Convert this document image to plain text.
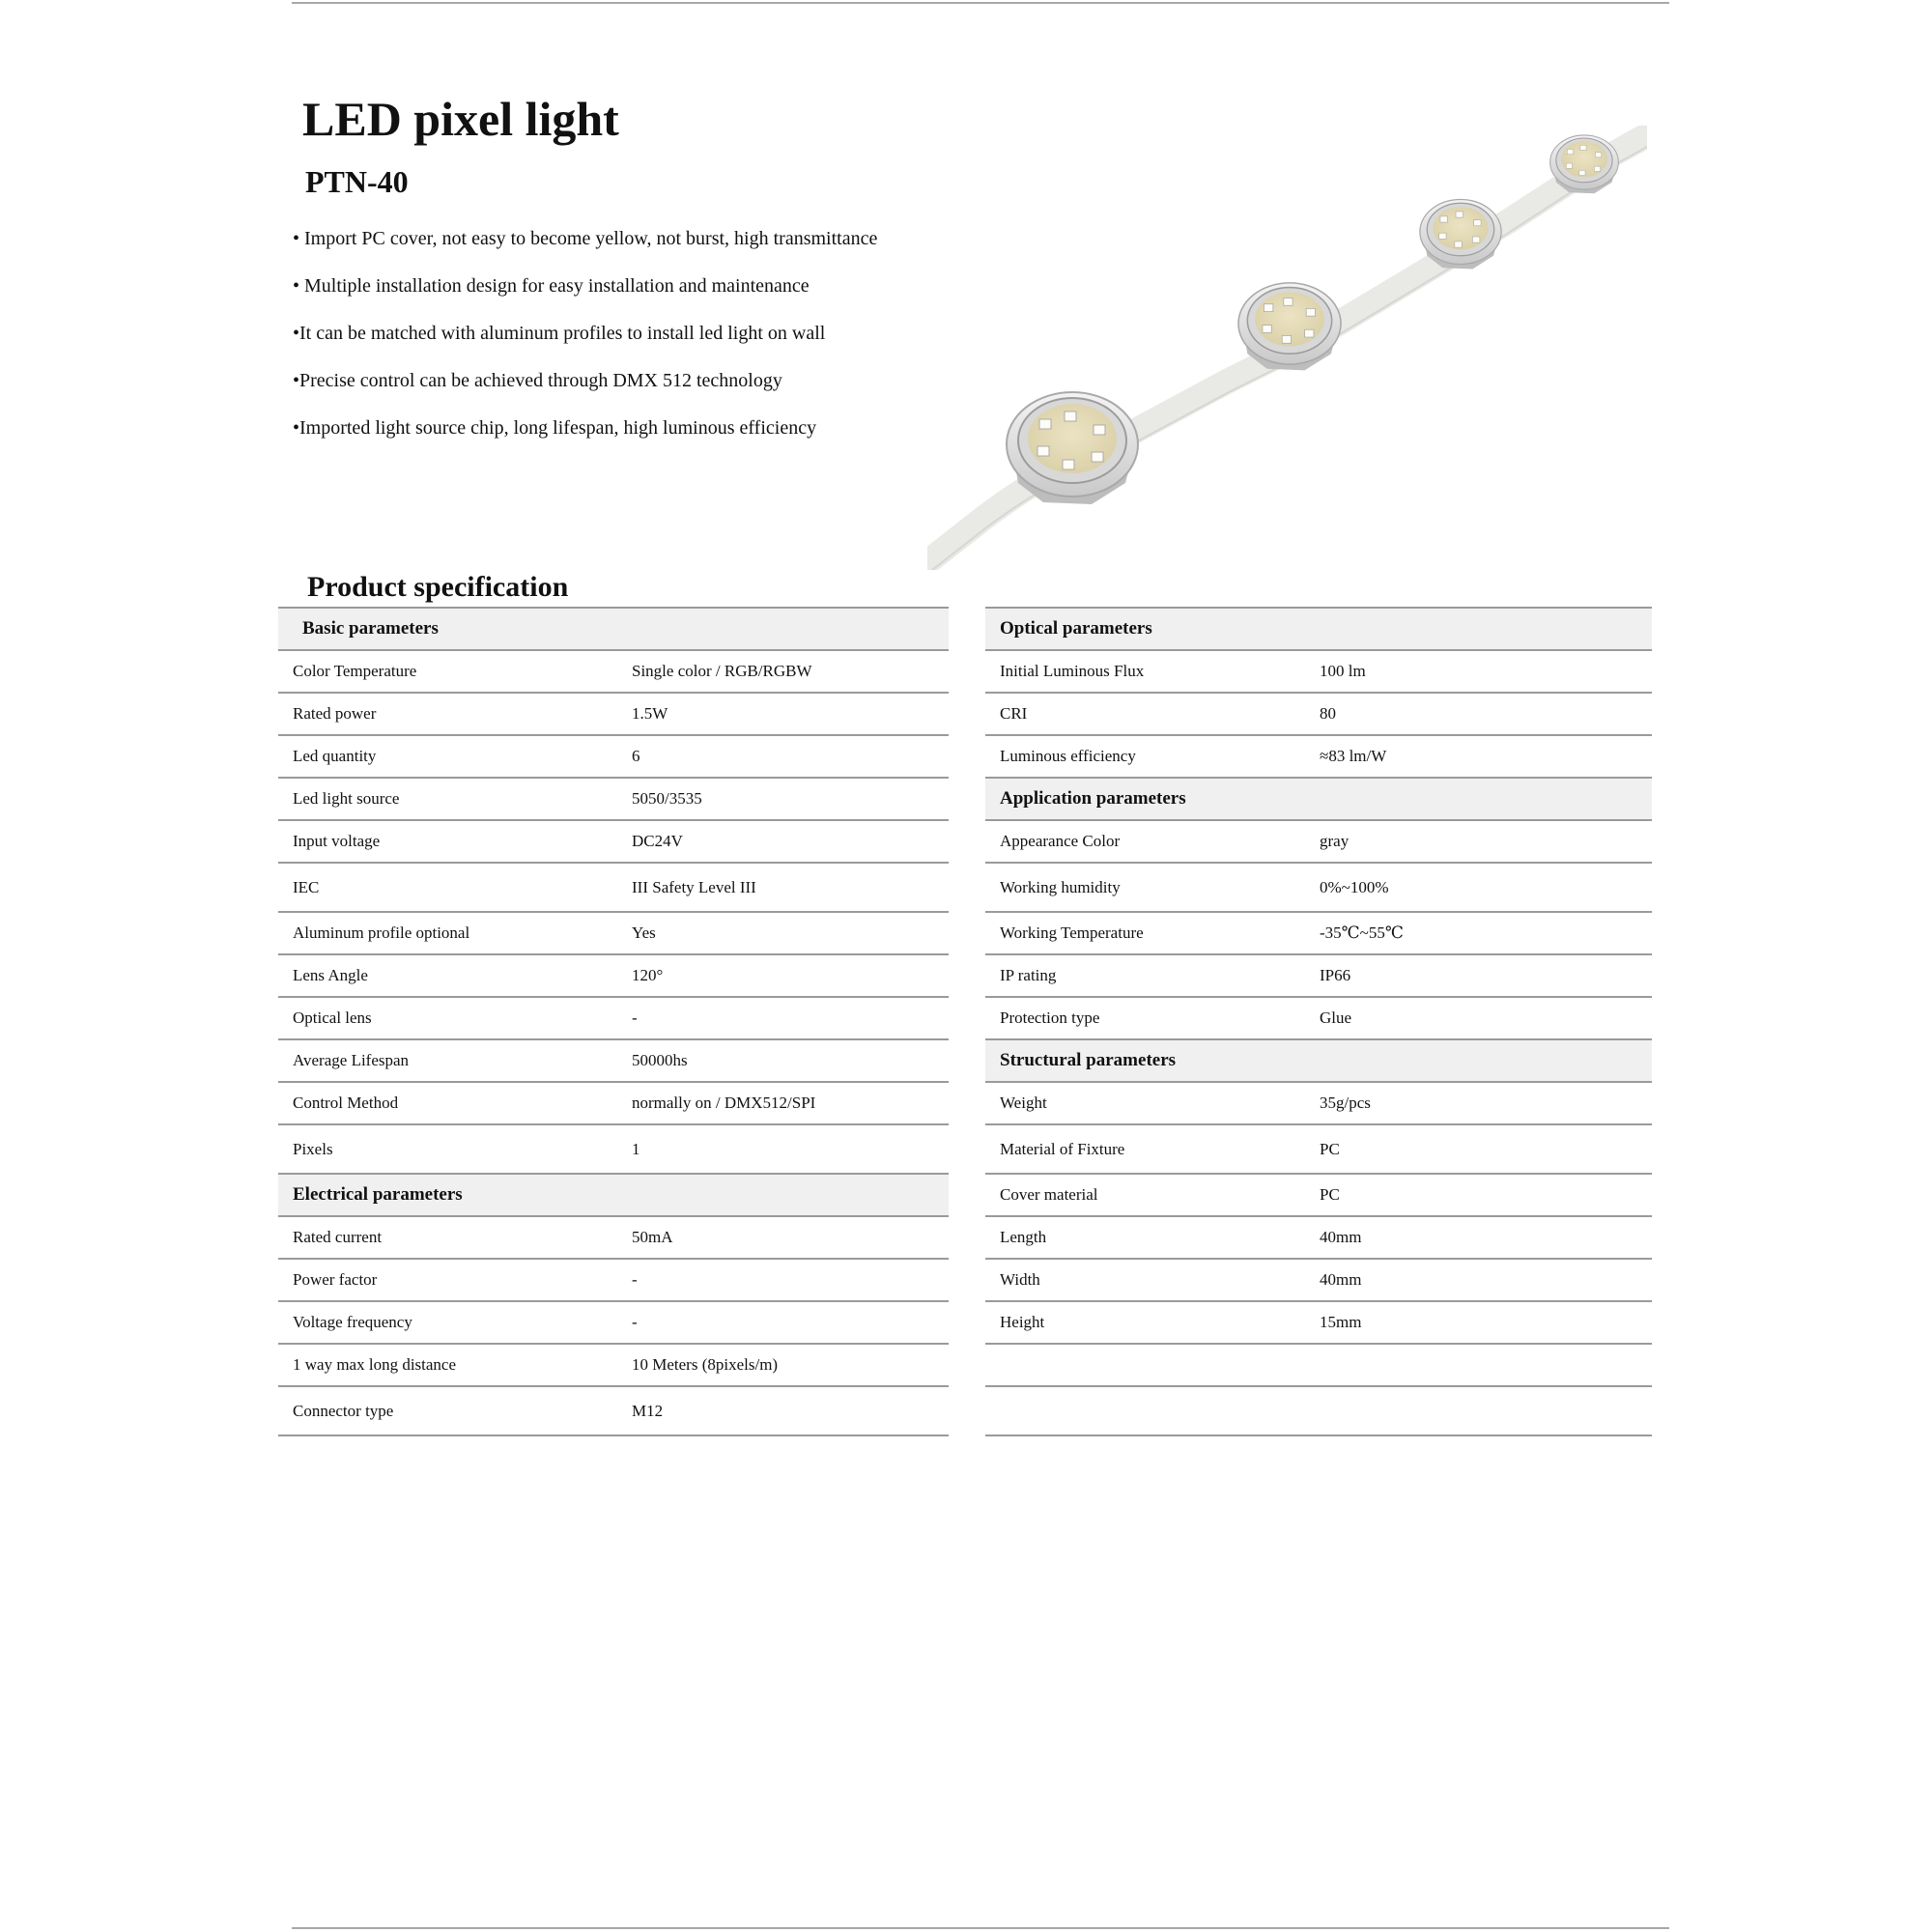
LED pixel light
PTN-40
• Import PC cover, not easy to become yellow, not burst, high transmittance
• Multiple installation design for easy installation and maintenance
•It can be matched with aluminum profiles to install led light on wall
•Precise control can be achieved through DMX 512 technology
•Imported light source chip, long lifespan, high luminous efficiency
Product specification
Basic parameters
Color Temperature	Single color / RGB/RGBW
Rated power	1.5W
Led quantity	6
Led light source	5050/3535
Input voltage	DC24V
IEC	III Safety Level III
Aluminum profile optional	Yes
Lens Angle	120°
Optical lens	-
Average Lifespan	50000hs
Control Method	normally on / DMX512/SPI
Pixels	1
Electrical parameters
Rated current	50mA
Power factor	-
Voltage frequency	-
1 way max long distance	10 Meters (8pixels/m)
Connector type	M12
Optical parameters
Initial Luminous Flux	100 lm
CRI	80
Luminous efficiency	≈83 lm/W
Application parameters
Appearance Color	gray
Working humidity	0%~100%
Working Temperature	-35℃~55℃
IP rating	IP66
Protection type	Glue
Structural parameters
Weight	35g/pcs
Material of Fixture	PC
Cover material	PC
Length	40mm
Width	40mm
Height	15mm
